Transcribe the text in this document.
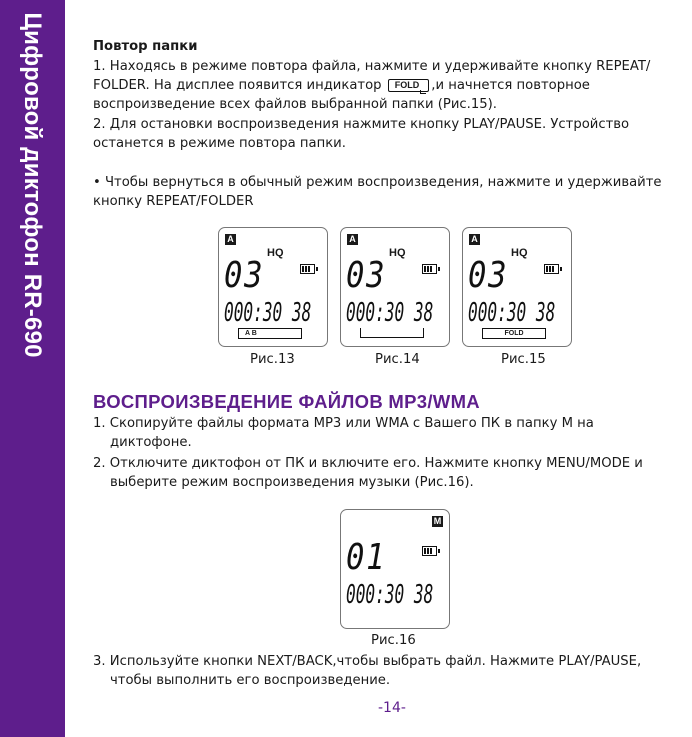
Цифровой диктофон RR-690	Повтор папки
1. Находясь в режиме повтора файла, нажмите и удерживайте кнопку REPEAT/
FOLDER. На дисплее появится индикатор FOLD ,и начнется повторное
воспроизведение всех файлов выбранной папки (Рис.15).
2. Для остановки воспроизведения нажмите кнопку PLAY/PAUSE. Устройство
останется в режиме повтора папки.
• Чтобы вернуться в обычный режим воспроизведения, нажмите и удерживайте
кнопку REPEAT/FOLDER
A
HQ
03
000:30 38
A B
Рис.13
A
HQ
03
000:30 38
Рис.14
A
HQ
03
000:30 38
FOLD
Рис.15
ВОСПРОИЗВЕДЕНИЕ ФАЙЛОВ MP3/WMA
1. Скопируйте файлы формата MP3 или WMA с Вашего ПК в папку M на
диктофоне.
2. Отключите диктофон от ПК и включите его. Нажмите кнопку MENU/MODE и
выберите режим воспроизведения музыки (Рис.16).
M
01
000:30 38
Рис.16
3. Используйте кнопки NEXT/BACK,чтобы выбрать файл. Нажмите PLAY/PAUSE,
чтобы выполнить его воспроизведение.
-14-
